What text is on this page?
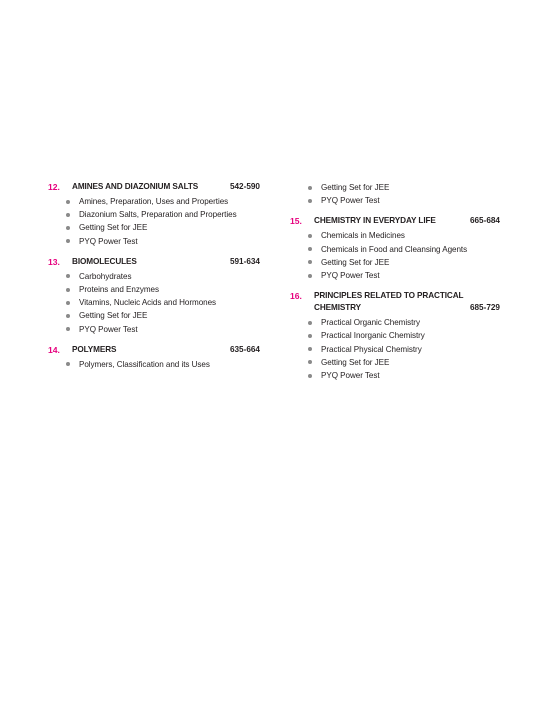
12.	AMINES AND DIAZONIUM SALTS	542-590
Amines, Preparation, Uses and Properties
Diazonium Salts, Preparation and Properties
Getting Set for JEE
PYQ Power Test
13.	BIOMOLECULES	591-634
Carbohydrates
Proteins and Enzymes
Vitamins, Nucleic Acids and Hormones
Getting Set for JEE
PYQ Power Test
14.	POLYMERS	635-664
Polymers, Classification and its Uses
Getting Set for JEE
PYQ Power Test
15.	CHEMISTRY IN EVERYDAY LIFE	665-684
Chemicals in Medicines
Chemicals in Food and Cleansing Agents
Getting Set for JEE
PYQ Power Test
16.	PRINCIPLES RELATED TO PRACTICAL
CHEMISTRY	685-729
Practical Organic Chemistry
Practical Inorganic Chemistry
Practical Physical Chemistry
Getting Set for JEE
PYQ Power Test
